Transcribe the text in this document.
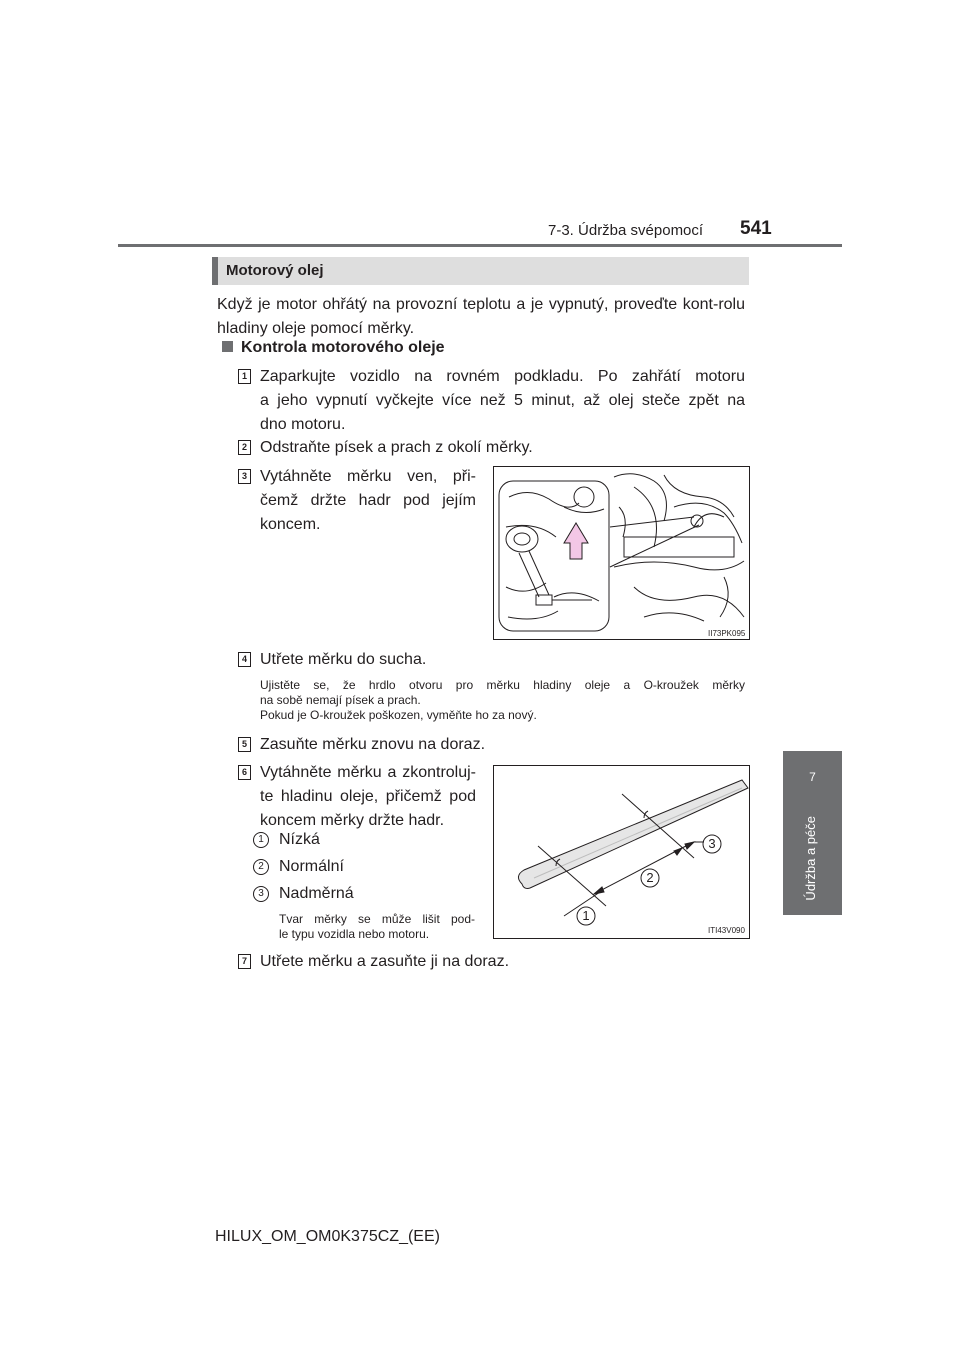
7-3. Údržba svépomocí 541
7
Údržba a péče
Motorový olej
Když je motor ohřátý na provozní teplotu a je vypnutý, proveďte kont-rolu hladiny oleje pomocí měrky.
Kontrola motorového oleje
1 Zaparkujte vozidlo na rovném podkladu. Po zahřátí motoru
a jeho vypnutí vyčkejte více než 5 minut, až olej steče zpět na
dno motoru.
2 Odstraňte písek a prach z okolí měrky.
3 Vytáhněte měrku ven, při-
čemž držte hadr pod jejím
koncem.
II73PK095
4 Utřete měrku do sucha.
Ujistěte se, že hrdlo otvoru pro měrku hladiny oleje a O-kroužek měrky
na sobě nemají písek a prach.
Pokud je O-kroužek poškozen, vyměňte ho za nový.
5 Zasuňte měrku znovu na doraz.
6 Vytáhněte měrku a zkontroluj-
te hladinu oleje, přičemž pod
koncem měrky držte hadr.
1 Nízká
2 Normální
3 Nadměrná
Tvar měrky se může lišit pod-
le typu vozidla nebo motoru.
1
2
3
ITI43V090
7 Utřete měrku a zasuňte ji na doraz.
HILUX_OM_OM0K375CZ_(EE)
